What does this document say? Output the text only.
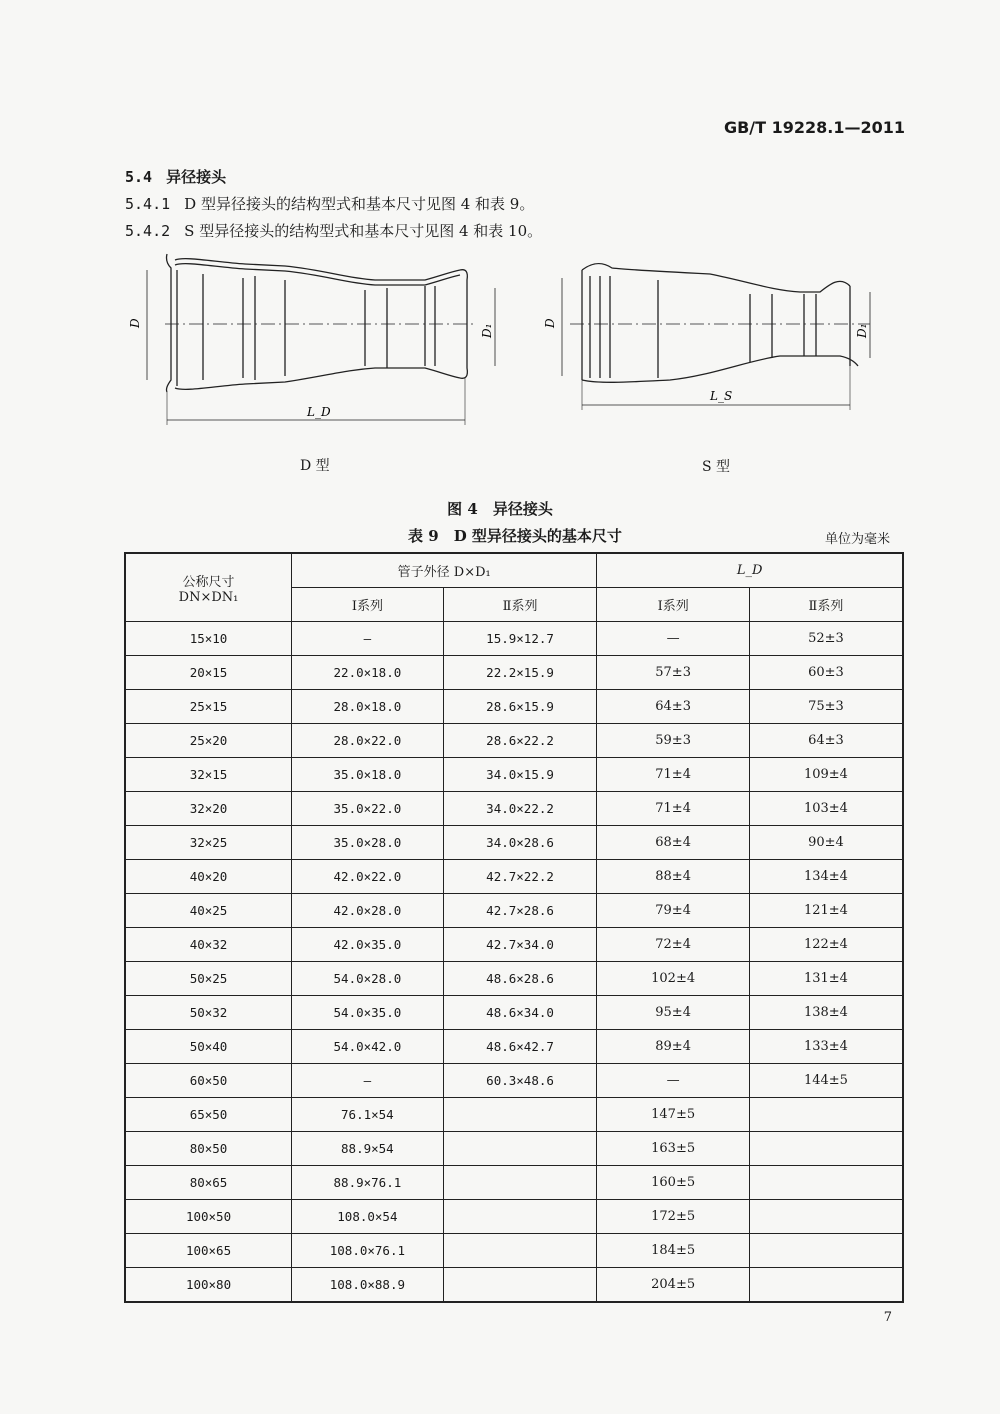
GB/T 19228.1—2011
5.4 异径接头
5.4.1 D 型异径接头的结构型式和基本尺寸见图 4 和表 9。
5.4.2 S 型异径接头的结构型式和基本尺寸见图 4 和表 10。
D
D₁
L_D
D
D₁
L_S
D 型	S 型
图 4　异径接头
表 9　D 型异径接头的基本尺寸	单位为毫米
公称尺寸
DN×DN₁	管子外径 D×D₁		L_D	
	Ⅰ系列	Ⅱ系列	Ⅰ系列	Ⅱ系列
15×10	—	15.9×12.7	—	52±3
20×15	22.0×18.0	22.2×15.9	57±3	60±3
25×15	28.0×18.0	28.6×15.9	64±3	75±3
25×20	28.0×22.0	28.6×22.2	59±3	64±3
32×15	35.0×18.0	34.0×15.9	71±4	109±4
32×20	35.0×22.0	34.0×22.2	71±4	103±4
32×25	35.0×28.0	34.0×28.6	68±4	90±4
40×20	42.0×22.0	42.7×22.2	88±4	134±4
40×25	42.0×28.0	42.7×28.6	79±4	121±4
40×32	42.0×35.0	42.7×34.0	72±4	122±4
50×25	54.0×28.0	48.6×28.6	102±4	131±4
50×32	54.0×35.0	48.6×34.0	95±4	138±4
50×40	54.0×42.0	48.6×42.7	89±4	133±4
60×50	—	60.3×48.6	—	144±5
65×50	76.1×54		147±5	
80×50	88.9×54		163±5	
80×65	88.9×76.1		160±5	
100×50	108.0×54		172±5	
100×65	108.0×76.1		184±5	
100×80	108.0×88.9		204±5	
7
